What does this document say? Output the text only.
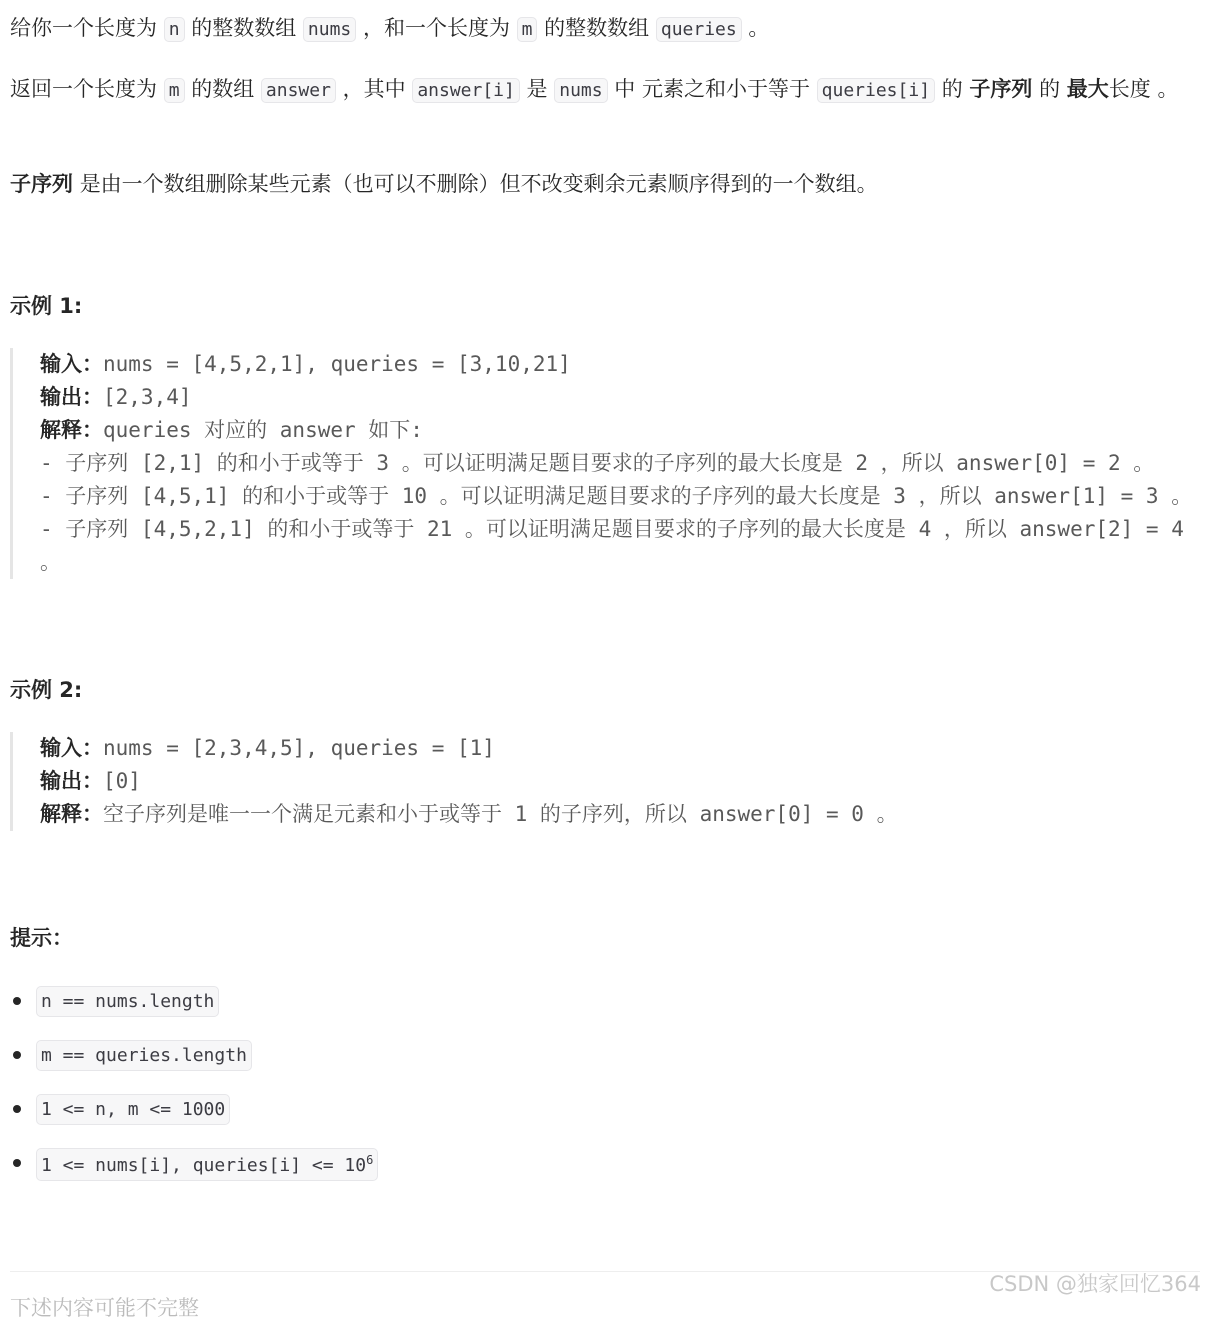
给你一个长度为 n 的整数数组 nums ，和一个长度为 m 的整数数组 queries 。

返回一个长度为 m 的数组 answer ，其中 answer[i] 是 nums 中 元素之和小于等于 queries[i] 的 子序列 的 最大长度 。

子序列 是由一个数组删除某些元素（也可以不删除）但不改变剩余元素顺序得到的一个数组。

示例 1:
输入：nums = [4,5,2,1], queries = [3,10,21]
输出：[2,3,4]
解释：queries 对应的 answer 如下:
- 子序列 [2,1] 的和小于或等于 3 。可以证明满足题目要求的子序列的最大长度是 2 ，所以 answer[0] = 2 。
- 子序列 [4,5,1] 的和小于或等于 10 。可以证明满足题目要求的子序列的最大长度是 3 ，所以 answer[1] = 3 。
- 子序列 [4,5,2,1] 的和小于或等于 21 。可以证明满足题目要求的子序列的最大长度是 4 ，所以 answer[2] = 4 。
示例 2:
输入：nums = [2,3,4,5], queries = [1]
输出：[0]
解释：空子序列是唯一一个满足元素和小于或等于 1 的子序列，所以 answer[0] = 0 。
提示：
n == nums.length
m == queries.length
1 <= n, m <= 1000
1 <= nums[i], queries[i] <= $10^6$
CSDN @独家回忆364
下述内容可能不完整
